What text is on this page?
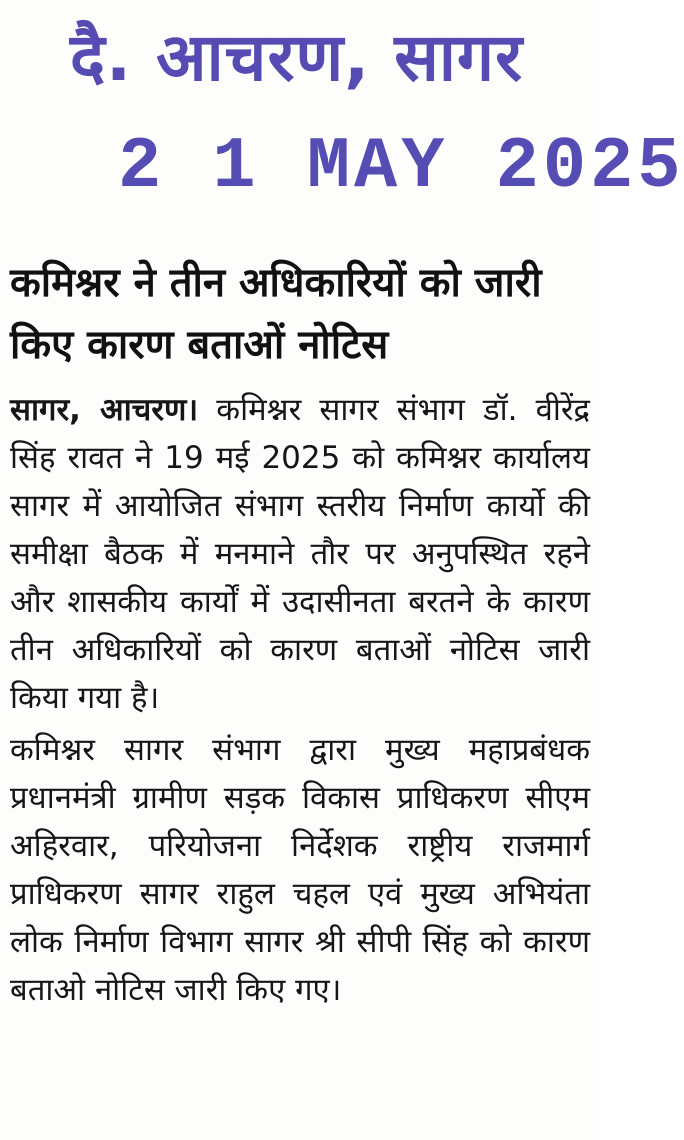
दै. आचरण, सागर
2 1 MAY 2025
कमिश्नर ने तीन अधिकारियों को जारी किए कारण बताओं नोटिस

सागर, आचरण। कमिश्नर सागर संभाग डॉ. वीरेंद्र सिंह रावत ने 19 मई 2025 को कमिश्नर कार्यालय सागर में आयोजित संभाग स्तरीय निर्माण कार्यो की समीक्षा बैठक में मनमाने तौर पर अनुपस्थित रहने और शासकीय कार्यों में उदासीनता बरतने के कारण तीन अधिकारियों को कारण बताओं नोटिस जारी किया गया है।

कमिश्नर सागर संभाग द्वारा मुख्य महाप्रबंधक प्रधानमंत्री ग्रामीण सड़क विकास प्राधिकरण सीएम अहिरवार, परियोजना निर्देशक राष्ट्रीय राजमार्ग प्राधिकरण सागर राहुल चहल एवं मुख्य अभियंता लोक निर्माण विभाग सागर श्री सीपी सिंह को कारण बताओ नोटिस जारी किए गए।
